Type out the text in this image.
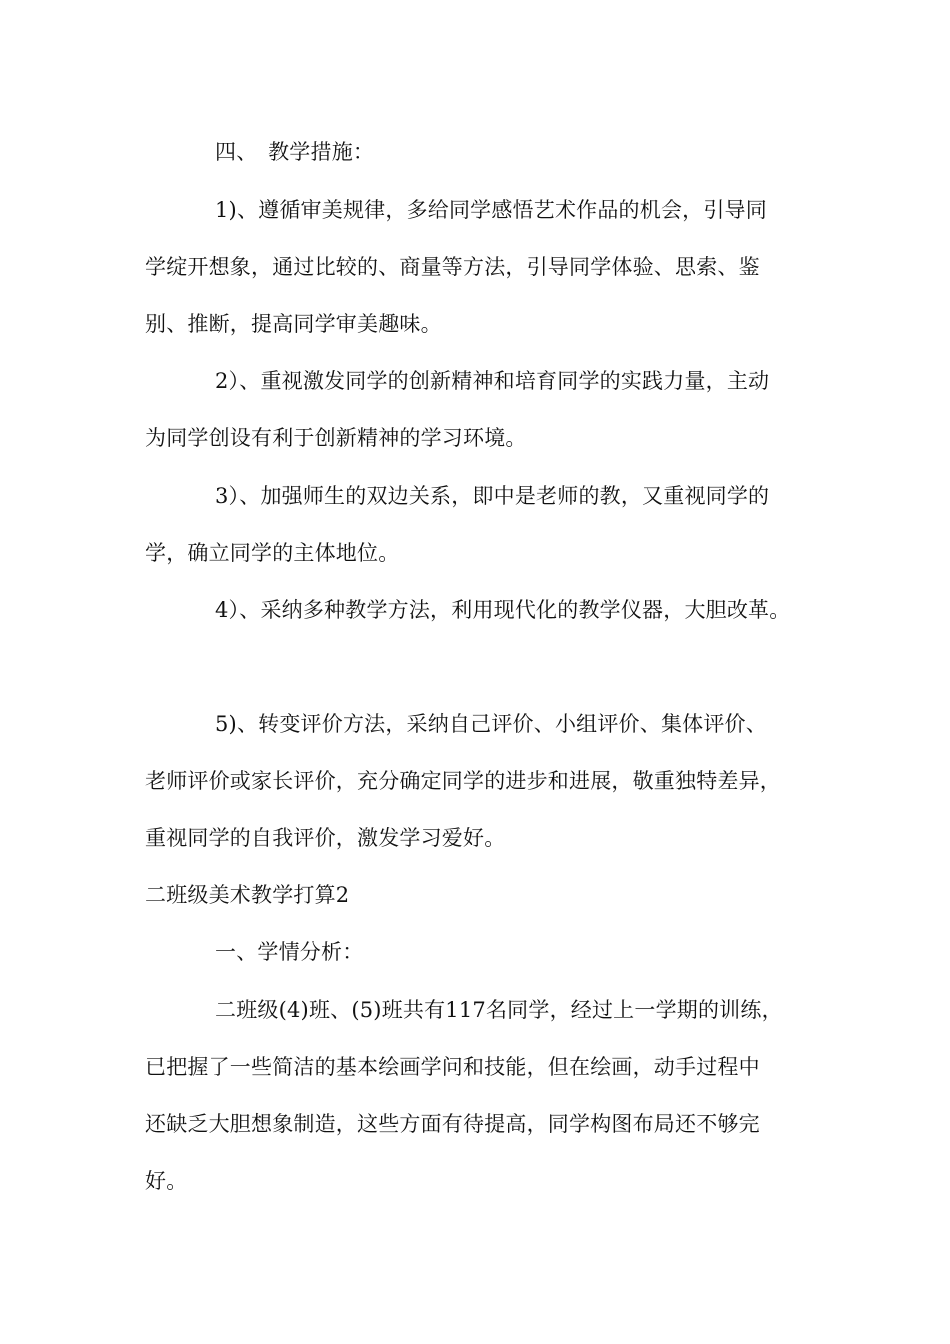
四、　教学措施：
1)、遵循审美规律，多给同学感悟艺术作品的机会，引导同
学绽开想象，通过比较的、商量等方法，引导同学体验、思索、鉴
别、推断，提高同学审美趣味。
2）、重视激发同学的创新精神和培育同学的实践力量，主动
为同学创设有利于创新精神的学习环境。
3）、加强师生的双边关系，即中是老师的教，又重视同学的
学，确立同学的主体地位。
4）、采纳多种教学方法，利用现代化的教学仪器，大胆改革。
5)、转变评价方法，采纳自己评价、小组评价、集体评价、
老师评价或家长评价，充分确定同学的进步和进展，敬重独特差异，
重视同学的自我评价，激发学习爱好。
二班级美术教学打算2
一、学情分析：
二班级(4)班、(5)班共有117名同学，经过上一学期的训练，
已把握了一些简洁的基本绘画学问和技能，但在绘画，动手过程中
还缺乏大胆想象制造，这些方面有待提高，同学构图布局还不够完
好。
